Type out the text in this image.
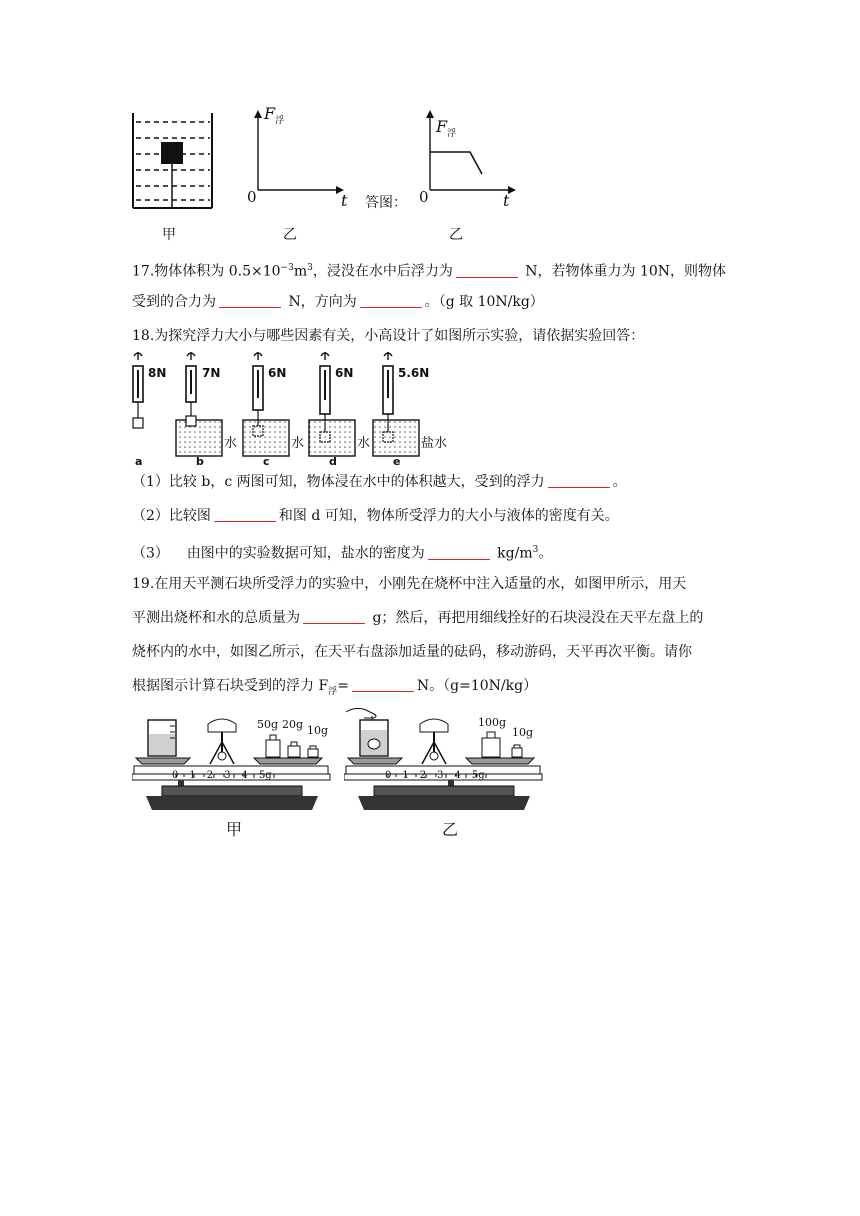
甲
$F_浮$
0	t
乙
答图：
$F_浮$
0	t
乙
17.物体体积为 $0.5\times 10^{-3}m^3$，浸没在水中后浮力为	N，若物体重力为 10N，则物体
受到的合力为	N，方向为	。（g 取 10N/kg）
18.为探究浮力大小与哪些因素有关，小高设计了如图所示实验，请依据实验回答：
8N	7N	6N	6N	5.6N
水	水	水	盐水
a	b	c	d	e
（1）比较 b，c 两图可知，物体浸在水中的体积越大，受到的浮力	。
（2）比较图	和图 d 可知，物体所受浮力的大小与液体的密度有关。
（3）    由图中的实验数据可知，盐水的密度为	$kg/m^3$。
19.在用天平测石块所受浮力的实验中，小刚先在烧杯中注入适量的水，如图甲所示，用天
平测出烧杯和水的总质量为	g；然后，再把用细线拴好的石块浸没在天平左盘上的
烧杯内的水中，如图乙所示，在天平右盘添加适量的砝码，移动游码，天平再次平衡。请你
根据图示计算石块受到的浮力 $F_浮=$	N。（g=10N/kg）
50g 20g 10g
0 1 2 3 4 5g
甲
100g
10g
0 1 2 3 4 5g
乙
